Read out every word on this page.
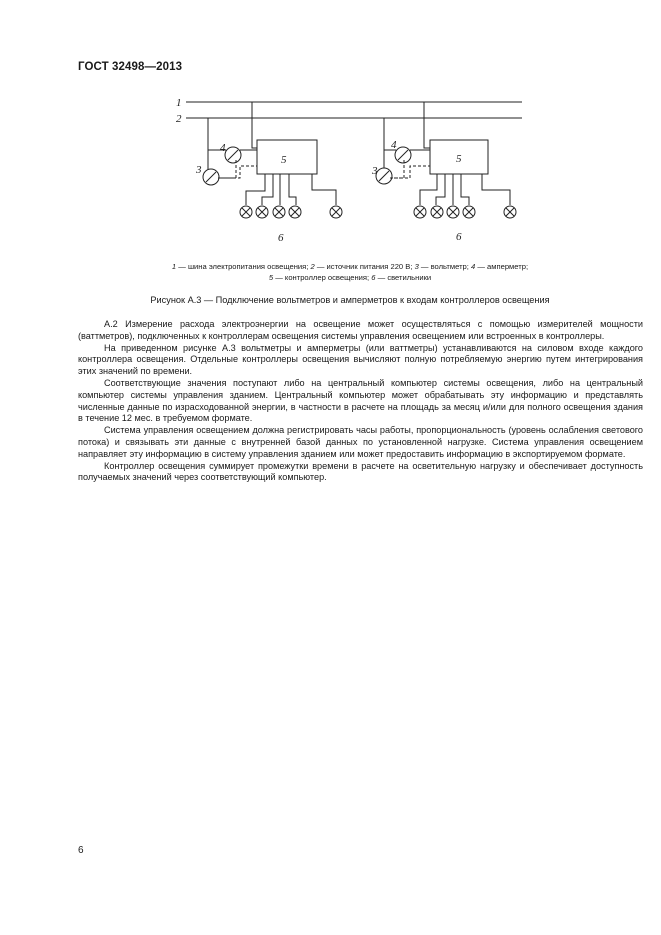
ГОСТ 32498—2013
1
2
4
3
5
6
4
3
5
6
1 — шина электропитания освещения; 2 — источник питания 220 В; 3 — вольтметр; 4 — амперметр;
5 — контроллер освещения; 6 — светильники
Рисунок А.3 — Подключение вольтметров и амперметров к входам контроллеров освещения

А.2 Измерение расхода электроэнергии на освещение может осуществляться с помощью измерителей мощности (ваттметров), подключенных к контроллерам освещения системы управления освещением или встроенных в контроллеры.

На приведенном рисунке А.3 вольтметры и амперметры (или ваттметры) устанавливаются на силовом входе каждого контроллера освещения. Отдельные контроллеры освещения вычисляют полную потребляемую энергию путем интегрирования этих значений по времени.

Соответствующие значения поступают либо на центральный компьютер системы освещения, либо на центральный компьютер системы управления зданием. Центральный компьютер может обрабатывать эту информацию и представлять численные данные по израсходованной энергии, в частности в расчете на площадь за месяц и/или для полного освещения здания в течение 12 мес. в требуемом формате.

Система управления освещением должна регистрировать часы работы, пропорциональность (уровень ослабления светового потока) и связывать эти данные с внутренней базой данных по установленной нагрузке. Система управления освещением направляет эту информацию в систему управления зданием или может предоставить информацию в экспортируемом формате.

Контроллер освещения суммирует промежутки времени в расчете на осветительную нагрузку и обеспечивает доступность получаемых значений через соответствующий компьютер.

6
